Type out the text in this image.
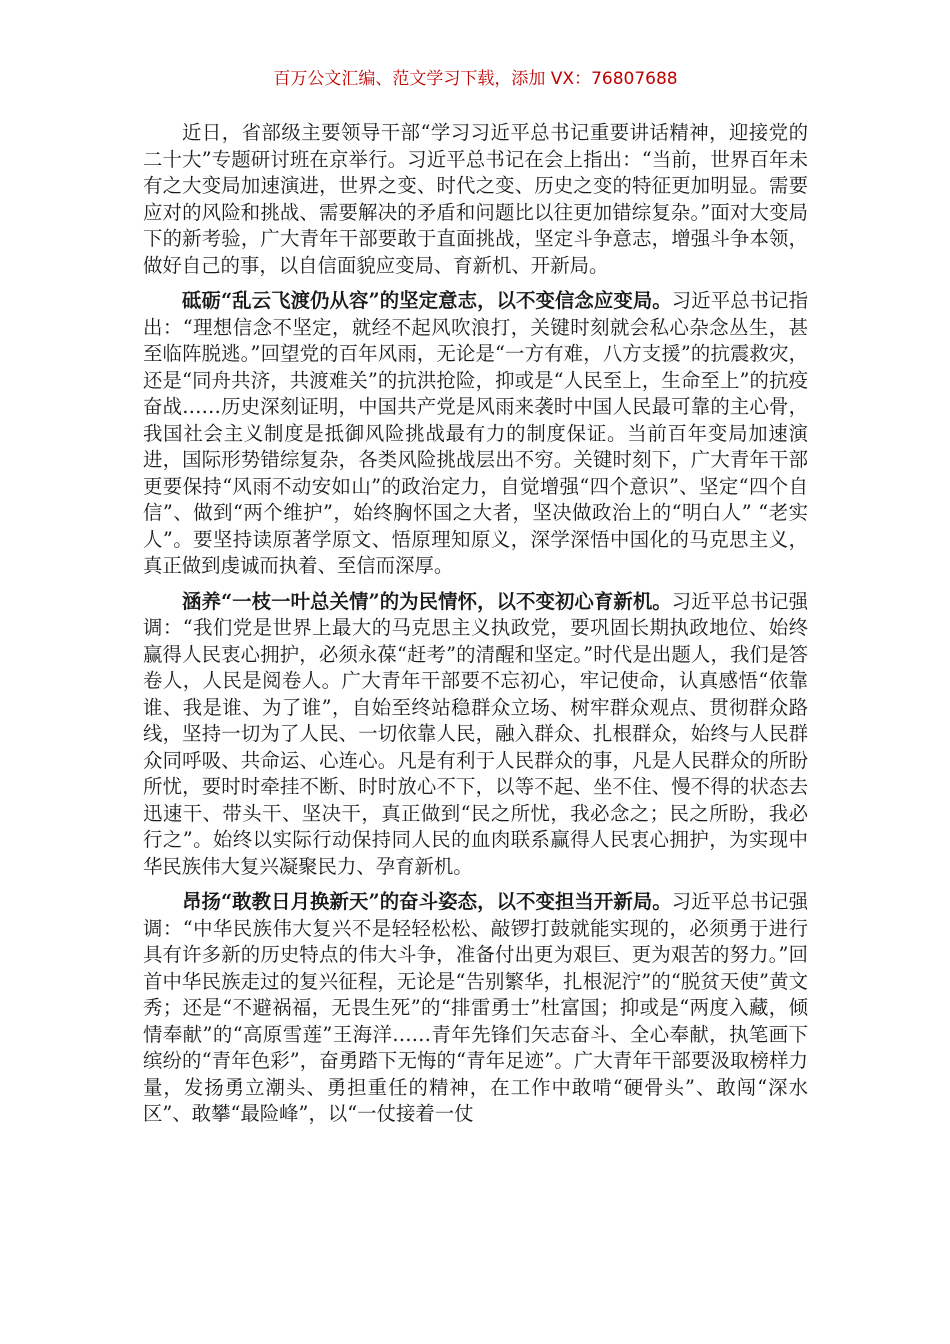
百万公文汇编、范文学习下载，添加 VX：76807688

近日，省部级主要领导干部“学习习近平总书记重要讲话精神，迎接党的二十大”专题研讨班在京举行。习近平总书记在会上指出：“当前，世界百年未有之大变局加速演进，世界之变、时代之变、历史之变的特征更加明显。需要应对的风险和挑战、需要解决的矛盾和问题比以往更加错综复杂。”面对大变局下的新考验，广大青年干部要敢于直面挑战，坚定斗争意志，增强斗争本领，做好自己的事，以自信面貌应变局、育新机、开新局。

砥砺“乱云飞渡仍从容”的坚定意志，以不变信念应变局。习近平总书记指出：“理想信念不坚定，就经不起风吹浪打，关键时刻就会私心杂念丛生，甚至临阵脱逃。”回望党的百年风雨，无论是“一方有难，八方支援”的抗震救灾，还是“同舟共济，共渡难关”的抗洪抢险，抑或是“人民至上，生命至上”的抗疫奋战……历史深刻证明，中国共产党是风雨来袭时中国人民最可靠的主心骨，我国社会主义制度是抵御风险挑战最有力的制度保证。当前百年变局加速演进，国际形势错综复杂，各类风险挑战层出不穷。关键时刻下，广大青年干部更要保持“风雨不动安如山”的政治定力，自觉增强“四个意识”、坚定“四个自信”、做到“两个维护”，始终胸怀国之大者，坚决做政治上的“明白人” “老实人”。要坚持读原著学原文、悟原理知原义，深学深悟中国化的马克思主义，真正做到虔诚而执着、至信而深厚。

涵养“一枝一叶总关情”的为民情怀，以不变初心育新机。习近平总书记强调：“我们党是世界上最大的马克思主义执政党，要巩固长期执政地位、始终赢得人民衷心拥护，必须永葆“赶考”的清醒和坚定。”时代是出题人，我们是答卷人，人民是阅卷人。广大青年干部要不忘初心，牢记使命，认真感悟“依靠谁、我是谁、为了谁”，自始至终站稳群众立场、树牢群众观点、贯彻群众路线，坚持一切为了人民、一切依靠人民，融入群众、扎根群众，始终与人民群众同呼吸、共命运、心连心。凡是有利于人民群众的事，凡是人民群众的所盼所忧，要时时牵挂不断、时时放心不下，以等不起、坐不住、慢不得的状态去迅速干、带头干、坚决干，真正做到“民之所忧，我必念之；民之所盼，我必行之”。始终以实际行动保持同人民的血肉联系赢得人民衷心拥护，为实现中华民族伟大复兴凝聚民力、孕育新机。

昂扬“敢教日月换新天”的奋斗姿态，以不变担当开新局。习近平总书记强调：“中华民族伟大复兴不是轻轻松松、敲锣打鼓就能实现的，必须勇于进行具有许多新的历史特点的伟大斗争，准备付出更为艰巨、更为艰苦的努力。”回首中华民族走过的复兴征程，无论是“告别繁华，扎根泥泞”的“脱贫天使”黄文秀；还是“不避祸福，无畏生死”的“排雷勇士”杜富国；抑或是“两度入藏，倾情奉献”的“高原雪莲”王海洋……青年先锋们矢志奋斗、全心奉献，执笔画下缤纷的“青年色彩”，奋勇踏下无悔的“青年足迹”。广大青年干部要汲取榜样力量，发扬勇立潮头、勇担重任的精神，在工作中敢啃“硬骨头”、敢闯“深水区”、敢攀“最险峰”，以“一仗接着一仗
